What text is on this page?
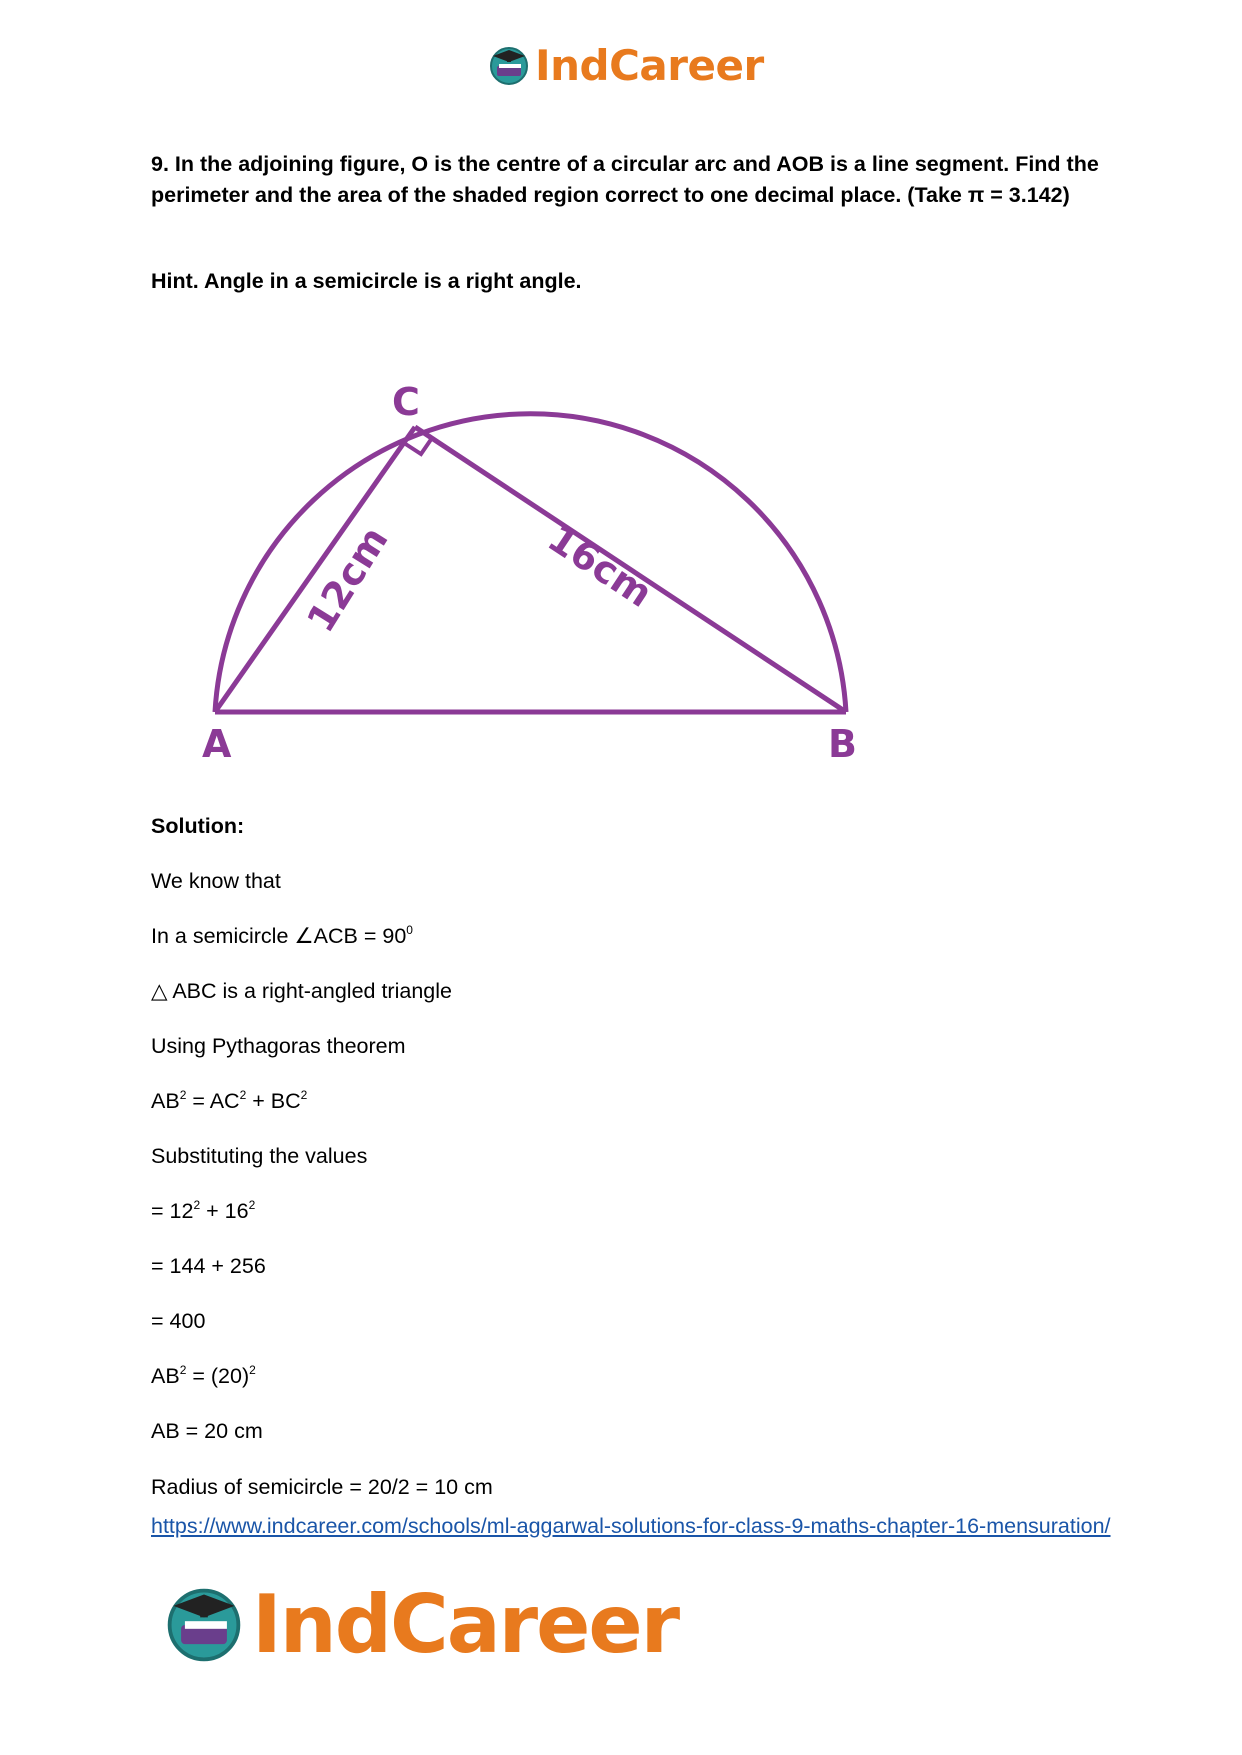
IndCareer
9. In the adjoining figure, O is the centre of a circular arc and AOB is a line segment. Find the perimeter and the area of the shaded region correct to one decimal place. (Take π = 3.142)
Hint. Angle in a semicircle is a right angle.
C
A	B
12cm	16cm
Solution:
We know that
In a semicircle ∠ACB = $90^0$
△ ABC is a right-angled triangle
Using Pythagoras theorem
$AB^2 = AC^2 + BC^2$
Substituting the values
= $12^2 + 16^2$
= 144 + 256
= 400
$AB^2 = (20)^2$
AB = 20 cm
Radius of semicircle = 20/2 = 10 cm
https://www.indcareer.com/schools/ml-aggarwal-solutions-for-class-9-maths-chapter-16-mensuration/
IndCareer
